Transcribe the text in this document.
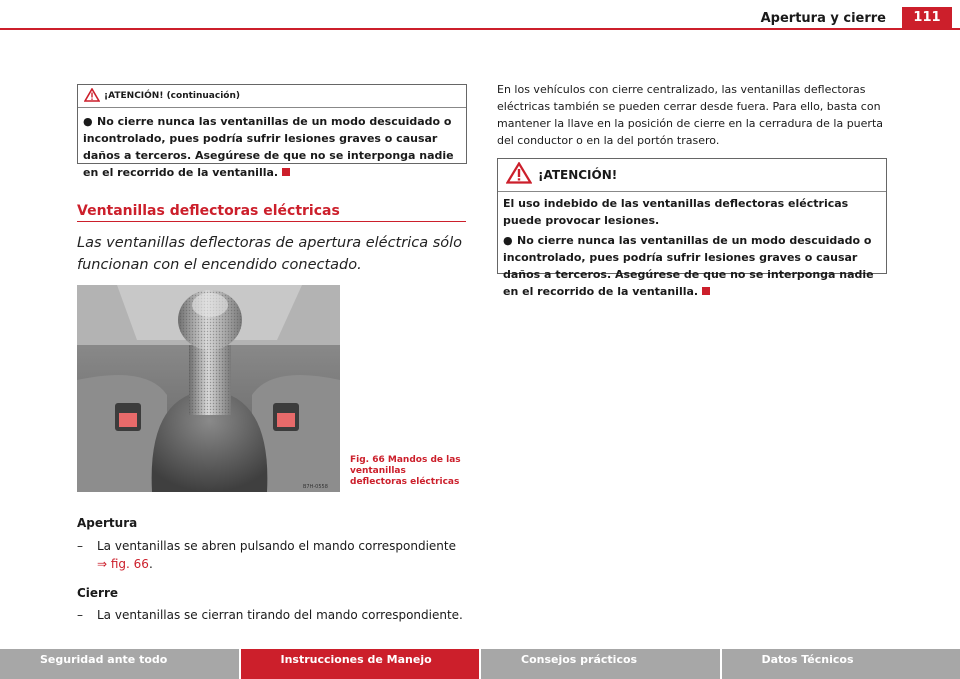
Apertura y cierre	111
¡ATENCIÓN! (continuación)

● No cierre nunca las ventanillas de un modo descuidado o incontrolado, pues podría sufrir lesiones graves o causar daños a terceros. Asegúrese de que no se interponga nadie en el recorrido de la ventanilla.

Ventanillas deflectoras eléctricas
Las ventanillas deflectoras de apertura eléctrica sólo funcionan con el encendido conectado.
B7H-0558
Fig. 66 Mandos de las ventanillas deflectoras eléctricas
Apertura
– La ventanillas se abren pulsando el mando correspondiente ⇒ fig. 66.
Cierre
– La ventanillas se cierran tirando del mando correspondiente.
En los vehículos con cierre centralizado, las ventanillas deflectoras eléctricas también se pueden cerrar desde fuera. Para ello, basta con mantener la llave en la posición de cierre en la cerradura de la puerta del conductor o en la del portón trasero.
¡ATENCIÓN!

El uso indebido de las ventanillas deflectoras eléctricas puede provocar lesiones.

● No cierre nunca las ventanillas de un modo descuidado o incontrolado, pues podría sufrir lesiones graves o causar daños a terceros. Asegúrese de que no se interponga nadie en el recorrido de la ventanilla.

Seguridad ante todo	Instrucciones de Manejo	Consejos prácticos	Datos Técnicos
